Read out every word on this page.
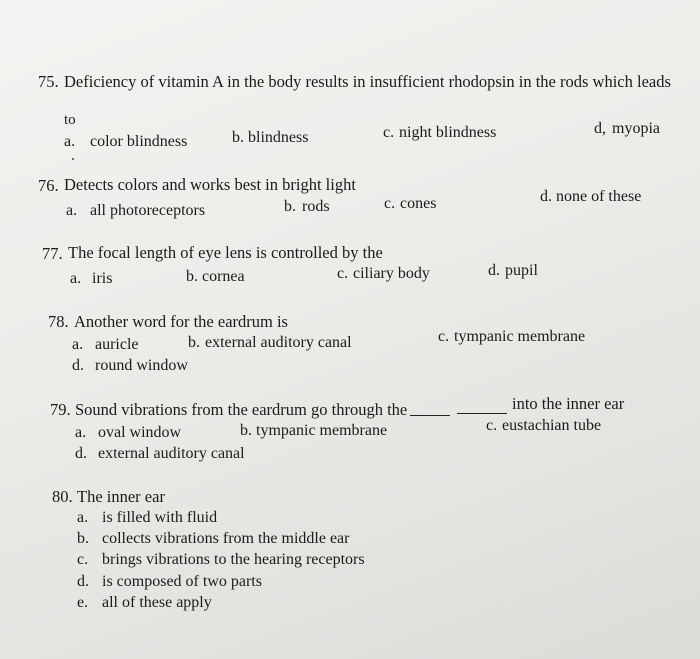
75. Deficiency of vitamin A in the body results in insufficient rhodopsin in the rods which leads
to
a. color blindness	b. blindness	c. night blindness	d, myopia
76. Detects colors and works best in bright light
a. all photoreceptors	b. rods	c. cones	d. none of these
77. The focal length of eye lens is controlled by the
a. iris	b. cornea	c. ciliary body	d. pupil
78. Another word for the eardrum is
a. auricle	b. external auditory canal	c. tympanic membrane
d. round window
79. Sound vibrations from the eardrum go through the	into the inner ear
a. oval window	b. tympanic membrane	c. eustachian tube
d. external auditory canal
80. The inner ear
a. is filled with fluid
b. collects vibrations from the middle ear
c. brings vibrations to the hearing receptors
d. is composed of two parts
e. all of these apply
